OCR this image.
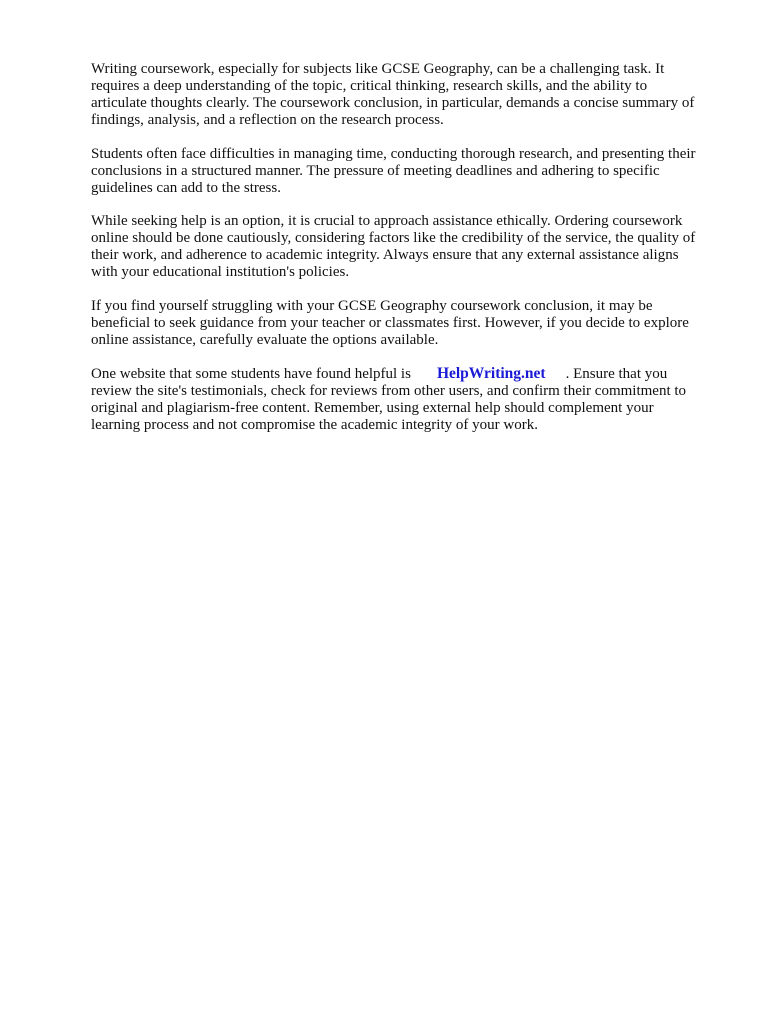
Writing coursework, especially for subjects like GCSE Geography, can be a challenging task. It
requires a deep understanding of the topic, critical thinking, research skills, and the ability to
articulate thoughts clearly. The coursework conclusion, in particular, demands a concise summary of
findings, analysis, and a reflection on the research process.

Students often face difficulties in managing time, conducting thorough research, and presenting their
conclusions in a structured manner. The pressure of meeting deadlines and adhering to specific
guidelines can add to the stress.

While seeking help is an option, it is crucial to approach assistance ethically. Ordering coursework
online should be done cautiously, considering factors like the credibility of the service, the quality of
their work, and adherence to academic integrity. Always ensure that any external assistance aligns
with your educational institution's policies.

If you find yourself struggling with your GCSE Geography coursework conclusion, it may be
beneficial to seek guidance from your teacher or classmates first. However, if you decide to explore
online assistance, carefully evaluate the options available.

One website that some students have found helpful is HelpWriting.net . Ensure that you
review the site's testimonials, check for reviews from other users, and confirm their commitment to
original and plagiarism-free content. Remember, using external help should complement your
learning process and not compromise the academic integrity of your work.
